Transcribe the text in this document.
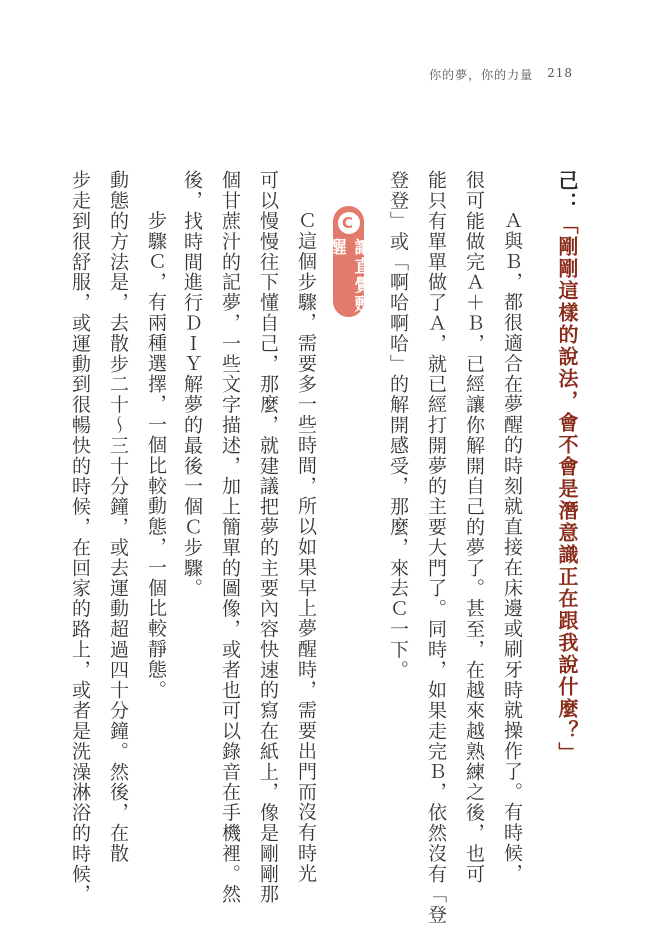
你的夢，你的力量 218
己：「剛剛這樣的說法，會不會是潛意識正在跟我說什麼？」
　Ａ與Ｂ，都很適合在夢醒的時刻就直接在床邊或刷牙時就操作了。有時候，
很可能做完Ａ＋Ｂ，已經讓你解開自己的夢了。甚至，在越來越熟練之後，也可
能只有單單做了Ａ，就已經打開夢的主要大門了。同時，如果走完Ｂ，依然沒有「登
登登」或「啊哈啊哈」的解開感受，那麼，來去Ｃ一下。
C
讓直覺甦醒
　Ｃ這個步驟，需要多一些時間，所以如果早上夢醒時，需要出門而沒有時光
可以慢慢往下懂自己，那麼，就建議把夢的主要內容快速的寫在紙上，像是剛剛那
個甘蔗汁的記夢，一些文字描述，加上簡單的圖像，或者也可以錄音在手機裡。然
後，找時間進行ＤＩＹ解夢的最後一個Ｃ步驟。
　步驟Ｃ，有兩種選擇，一個比較動態，一個比較靜態。
動態的方法是，去散步二十～三十分鐘，或去運動超過四十分鐘。然後，在散
步走到很舒服，或運動到很暢快的時候，在回家的路上，或者是洗澡淋浴的時候，
